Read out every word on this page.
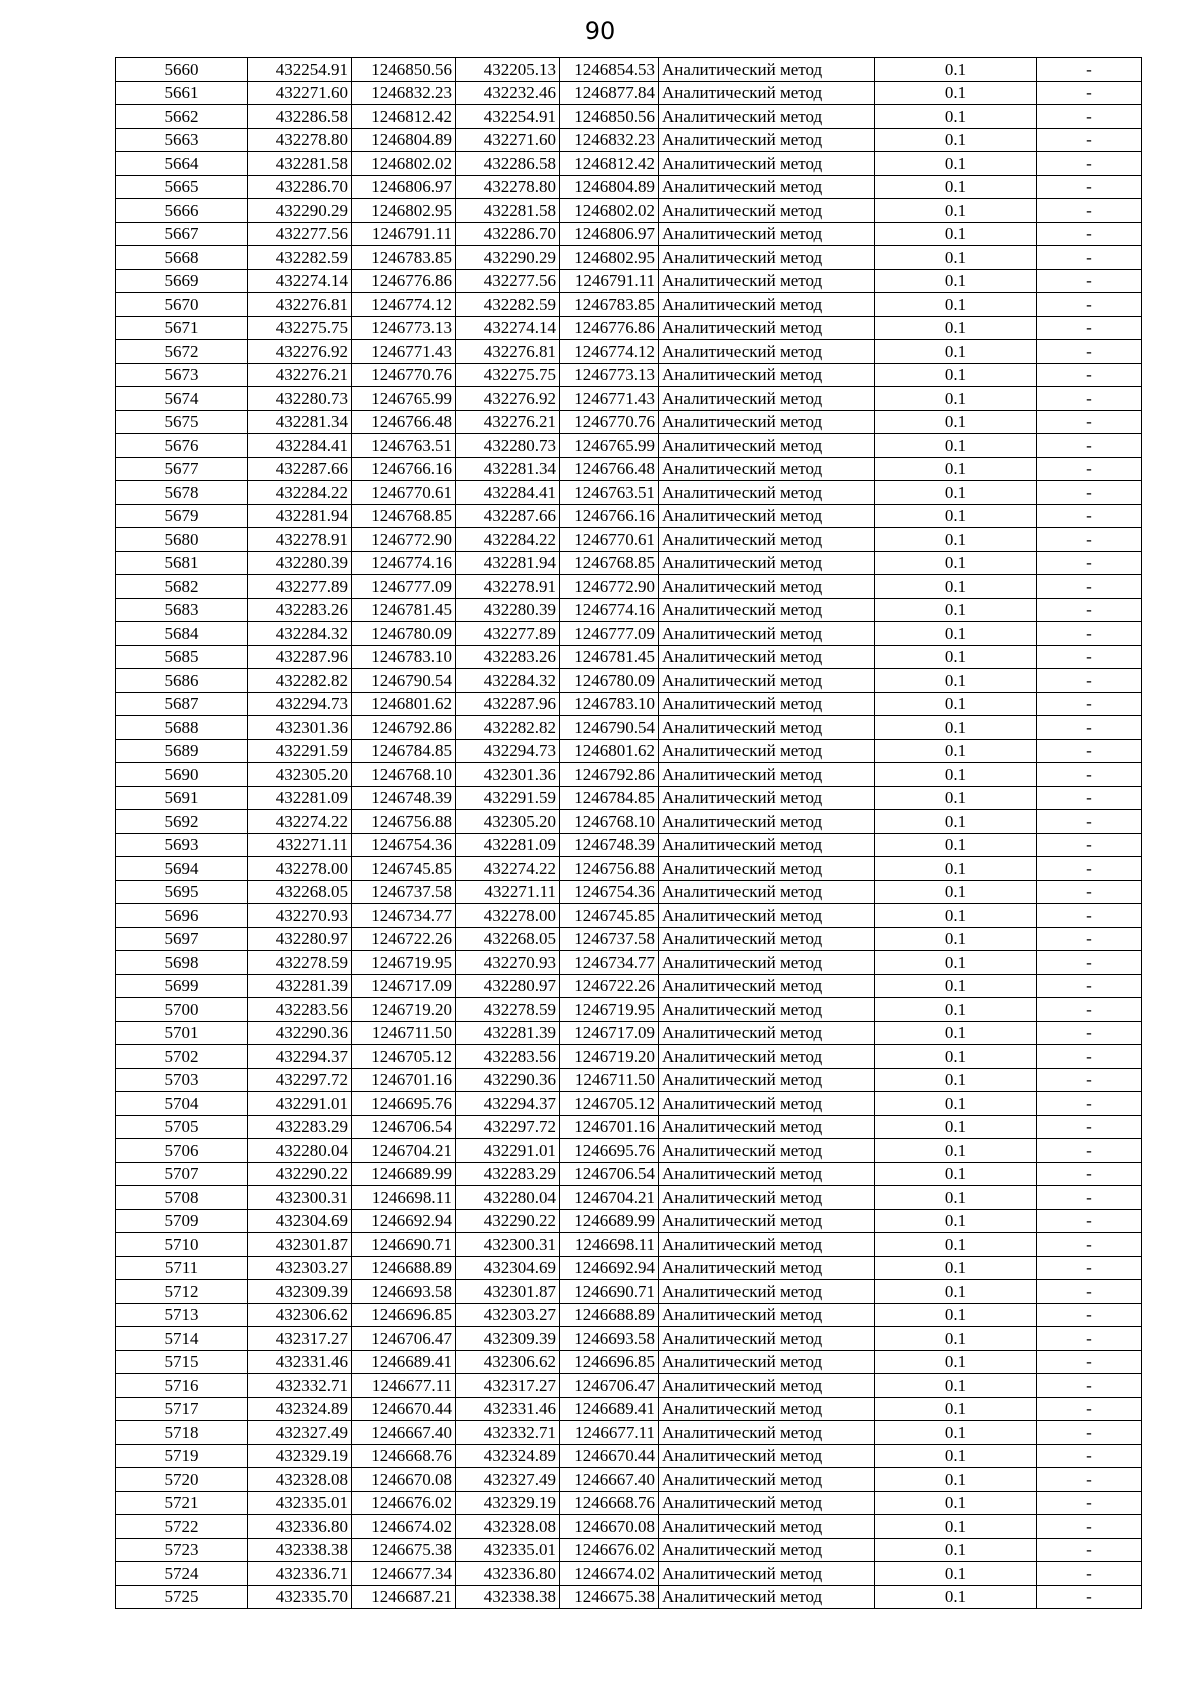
90
5660	432254.91	1246850.56	432205.13	1246854.53	Аналитический метод	0.1	-
5661	432271.60	1246832.23	432232.46	1246877.84	Аналитический метод	0.1	-
5662	432286.58	1246812.42	432254.91	1246850.56	Аналитический метод	0.1	-
5663	432278.80	1246804.89	432271.60	1246832.23	Аналитический метод	0.1	-
5664	432281.58	1246802.02	432286.58	1246812.42	Аналитический метод	0.1	-
5665	432286.70	1246806.97	432278.80	1246804.89	Аналитический метод	0.1	-
5666	432290.29	1246802.95	432281.58	1246802.02	Аналитический метод	0.1	-
5667	432277.56	1246791.11	432286.70	1246806.97	Аналитический метод	0.1	-
5668	432282.59	1246783.85	432290.29	1246802.95	Аналитический метод	0.1	-
5669	432274.14	1246776.86	432277.56	1246791.11	Аналитический метод	0.1	-
5670	432276.81	1246774.12	432282.59	1246783.85	Аналитический метод	0.1	-
5671	432275.75	1246773.13	432274.14	1246776.86	Аналитический метод	0.1	-
5672	432276.92	1246771.43	432276.81	1246774.12	Аналитический метод	0.1	-
5673	432276.21	1246770.76	432275.75	1246773.13	Аналитический метод	0.1	-
5674	432280.73	1246765.99	432276.92	1246771.43	Аналитический метод	0.1	-
5675	432281.34	1246766.48	432276.21	1246770.76	Аналитический метод	0.1	-
5676	432284.41	1246763.51	432280.73	1246765.99	Аналитический метод	0.1	-
5677	432287.66	1246766.16	432281.34	1246766.48	Аналитический метод	0.1	-
5678	432284.22	1246770.61	432284.41	1246763.51	Аналитический метод	0.1	-
5679	432281.94	1246768.85	432287.66	1246766.16	Аналитический метод	0.1	-
5680	432278.91	1246772.90	432284.22	1246770.61	Аналитический метод	0.1	-
5681	432280.39	1246774.16	432281.94	1246768.85	Аналитический метод	0.1	-
5682	432277.89	1246777.09	432278.91	1246772.90	Аналитический метод	0.1	-
5683	432283.26	1246781.45	432280.39	1246774.16	Аналитический метод	0.1	-
5684	432284.32	1246780.09	432277.89	1246777.09	Аналитический метод	0.1	-
5685	432287.96	1246783.10	432283.26	1246781.45	Аналитический метод	0.1	-
5686	432282.82	1246790.54	432284.32	1246780.09	Аналитический метод	0.1	-
5687	432294.73	1246801.62	432287.96	1246783.10	Аналитический метод	0.1	-
5688	432301.36	1246792.86	432282.82	1246790.54	Аналитический метод	0.1	-
5689	432291.59	1246784.85	432294.73	1246801.62	Аналитический метод	0.1	-
5690	432305.20	1246768.10	432301.36	1246792.86	Аналитический метод	0.1	-
5691	432281.09	1246748.39	432291.59	1246784.85	Аналитический метод	0.1	-
5692	432274.22	1246756.88	432305.20	1246768.10	Аналитический метод	0.1	-
5693	432271.11	1246754.36	432281.09	1246748.39	Аналитический метод	0.1	-
5694	432278.00	1246745.85	432274.22	1246756.88	Аналитический метод	0.1	-
5695	432268.05	1246737.58	432271.11	1246754.36	Аналитический метод	0.1	-
5696	432270.93	1246734.77	432278.00	1246745.85	Аналитический метод	0.1	-
5697	432280.97	1246722.26	432268.05	1246737.58	Аналитический метод	0.1	-
5698	432278.59	1246719.95	432270.93	1246734.77	Аналитический метод	0.1	-
5699	432281.39	1246717.09	432280.97	1246722.26	Аналитический метод	0.1	-
5700	432283.56	1246719.20	432278.59	1246719.95	Аналитический метод	0.1	-
5701	432290.36	1246711.50	432281.39	1246717.09	Аналитический метод	0.1	-
5702	432294.37	1246705.12	432283.56	1246719.20	Аналитический метод	0.1	-
5703	432297.72	1246701.16	432290.36	1246711.50	Аналитический метод	0.1	-
5704	432291.01	1246695.76	432294.37	1246705.12	Аналитический метод	0.1	-
5705	432283.29	1246706.54	432297.72	1246701.16	Аналитический метод	0.1	-
5706	432280.04	1246704.21	432291.01	1246695.76	Аналитический метод	0.1	-
5707	432290.22	1246689.99	432283.29	1246706.54	Аналитический метод	0.1	-
5708	432300.31	1246698.11	432280.04	1246704.21	Аналитический метод	0.1	-
5709	432304.69	1246692.94	432290.22	1246689.99	Аналитический метод	0.1	-
5710	432301.87	1246690.71	432300.31	1246698.11	Аналитический метод	0.1	-
5711	432303.27	1246688.89	432304.69	1246692.94	Аналитический метод	0.1	-
5712	432309.39	1246693.58	432301.87	1246690.71	Аналитический метод	0.1	-
5713	432306.62	1246696.85	432303.27	1246688.89	Аналитический метод	0.1	-
5714	432317.27	1246706.47	432309.39	1246693.58	Аналитический метод	0.1	-
5715	432331.46	1246689.41	432306.62	1246696.85	Аналитический метод	0.1	-
5716	432332.71	1246677.11	432317.27	1246706.47	Аналитический метод	0.1	-
5717	432324.89	1246670.44	432331.46	1246689.41	Аналитический метод	0.1	-
5718	432327.49	1246667.40	432332.71	1246677.11	Аналитический метод	0.1	-
5719	432329.19	1246668.76	432324.89	1246670.44	Аналитический метод	0.1	-
5720	432328.08	1246670.08	432327.49	1246667.40	Аналитический метод	0.1	-
5721	432335.01	1246676.02	432329.19	1246668.76	Аналитический метод	0.1	-
5722	432336.80	1246674.02	432328.08	1246670.08	Аналитический метод	0.1	-
5723	432338.38	1246675.38	432335.01	1246676.02	Аналитический метод	0.1	-
5724	432336.71	1246677.34	432336.80	1246674.02	Аналитический метод	0.1	-
5725	432335.70	1246687.21	432338.38	1246675.38	Аналитический метод	0.1	-
